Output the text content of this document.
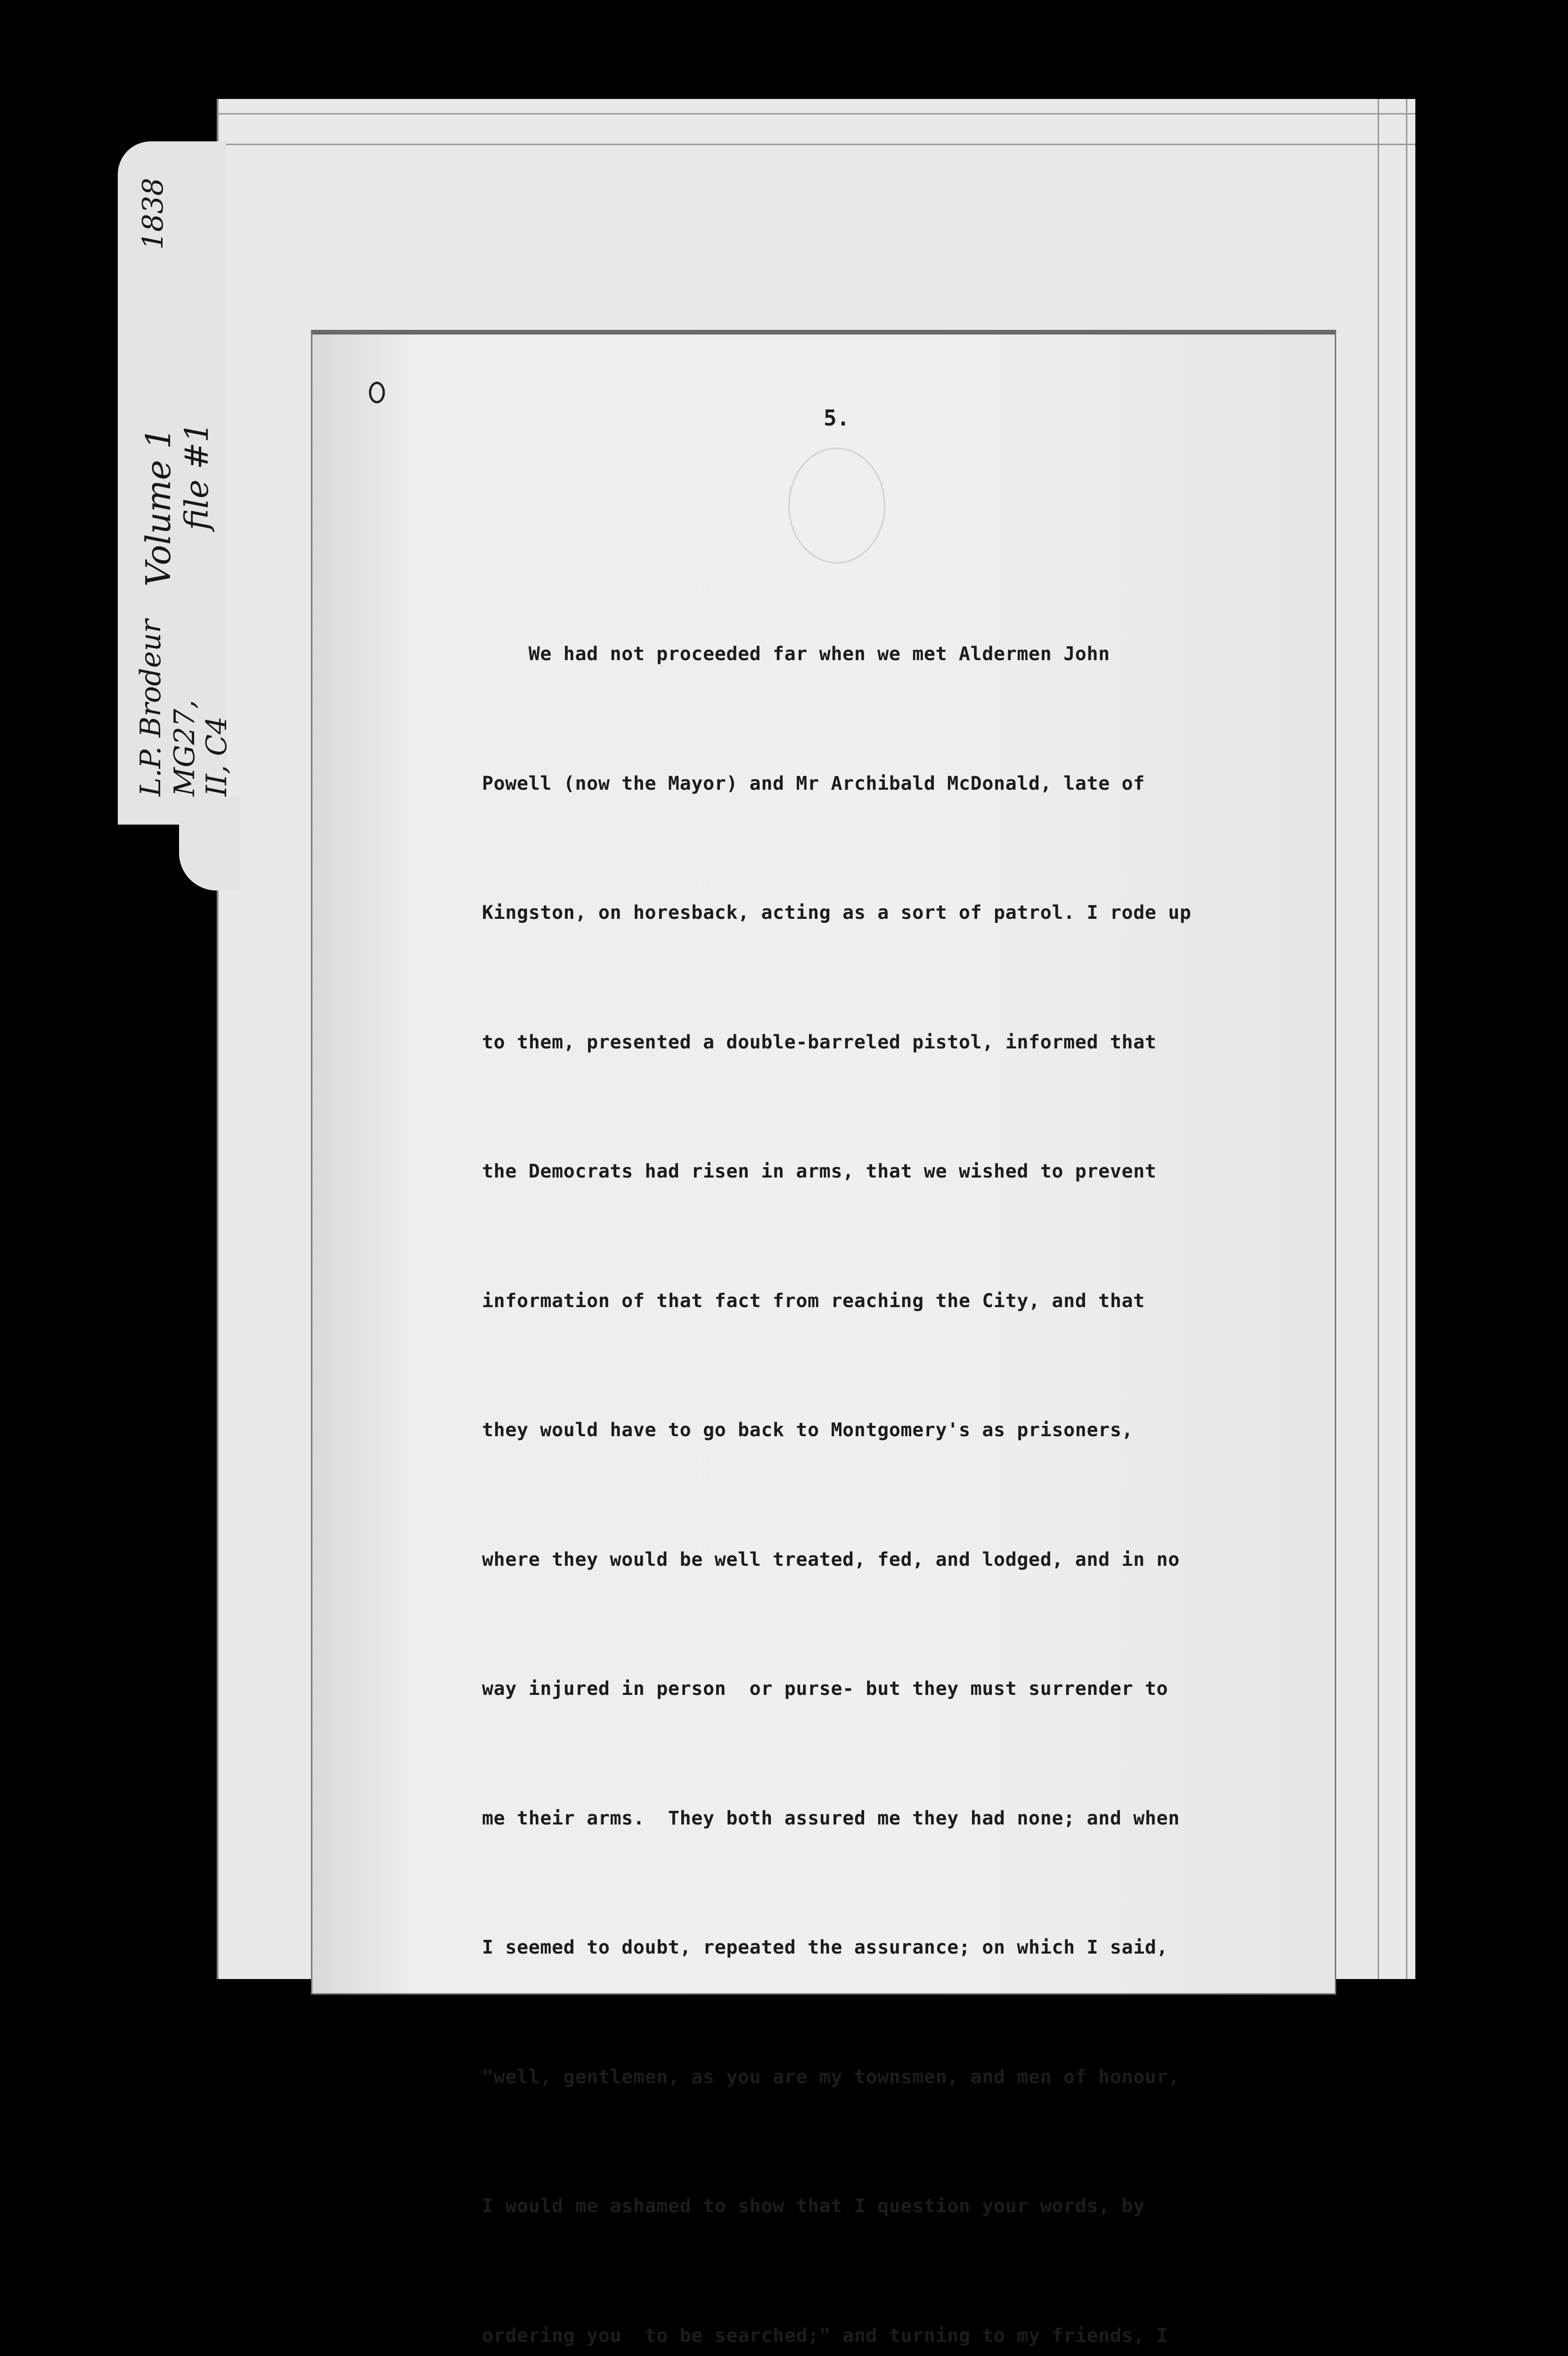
1838
Volume 1 file #1
L.P. Brodeur MG27,
II, C4
5.

We had not proceeded far when we met Aldermen John

Powell (now the Mayor) and Mr Archibald McDonald, late of

Kingston, on horesback, acting as a sort of patrol. I rode up

to them, presented a double-barreled pistol, informed that

the Democrats had risen in arms, that we wished to prevent

information of that fact from reaching the City, and that

they would have to go back to Montgomery's as prisoners,

where they would be well treated, fed, and lodged, and in no

way injured in person  or purse- but they must surrender to

me their arms.  They both assured me they had none; and when

I seemed to doubt, repeated the assurance; on which I said,

"well, gentlemen, as you are my townsmen, and men of honour,

I would me ashamed to show that I question your words, by

ordering you  to be searched;" and turning to my friends, I
